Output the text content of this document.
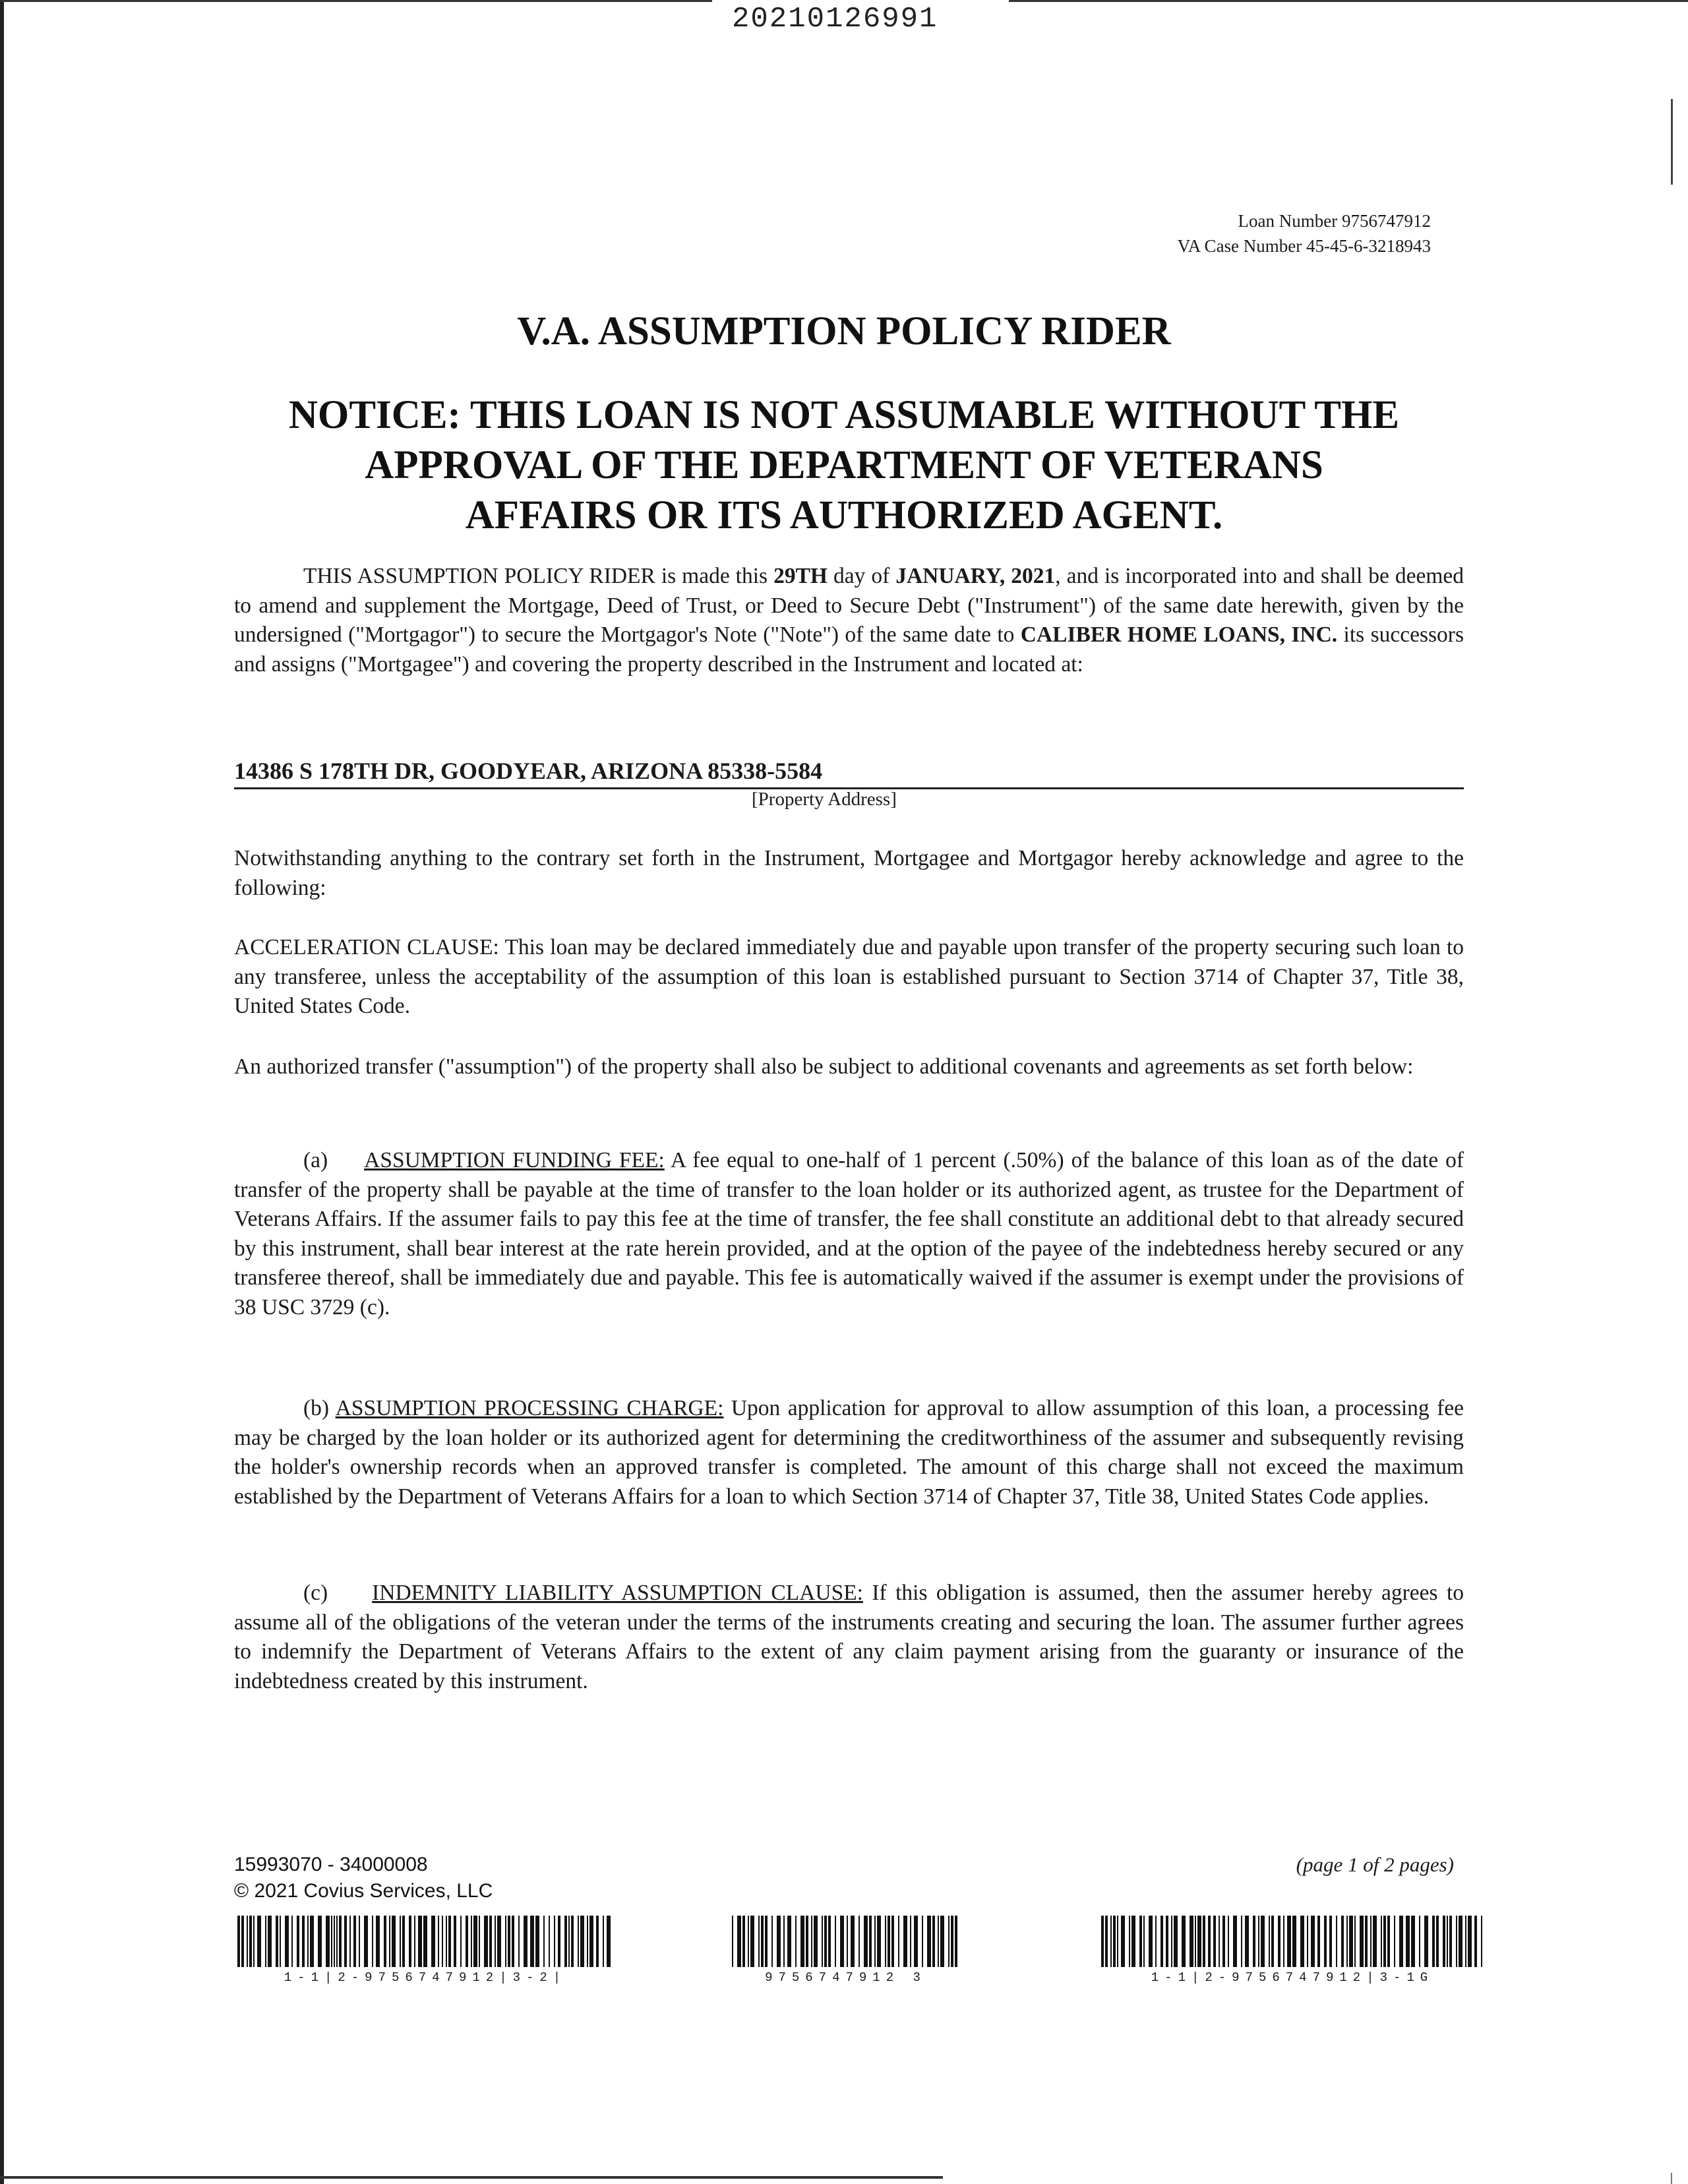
20210126991
Loan Number 9756747912
VA Case Number 45-45-6-3218943
V.A. ASSUMPTION POLICY RIDER
NOTICE: THIS LOAN IS NOT ASSUMABLE WITHOUT THE
APPROVAL OF THE DEPARTMENT OF VETERANS
AFFAIRS OR ITS AUTHORIZED AGENT.
THIS ASSUMPTION POLICY RIDER is made this 29TH day of JANUARY, 2021, and is incorporated into and shall be deemed to amend and supplement the Mortgage, Deed of Trust, or Deed to Secure Debt ("Instrument") of the same date herewith, given by the undersigned ("Mortgagor") to secure the Mortgagor's Note ("Note") of the same date to CALIBER HOME LOANS, INC. its successors and assigns ("Mortgagee") and covering the property described in the Instrument and located at:
14386 S 178TH DR, GOODYEAR, ARIZONA 85338-5584
[Property Address]
Notwithstanding anything to the contrary set forth in the Instrument, Mortgagee and Mortgagor hereby acknowledge and agree to the following:
ACCELERATION CLAUSE: This loan may be declared immediately due and payable upon transfer of the property securing such loan to any transferee, unless the acceptability of the assumption of this loan is established pursuant to Section 3714 of Chapter 37, Title 38, United States Code.
An authorized transfer ("assumption") of the property shall also be subject to additional covenants and agreements as set forth below:
(a) ASSUMPTION FUNDING FEE: A fee equal to one-half of 1 percent (.50%) of the balance of this loan as of the date of transfer of the property shall be payable at the time of transfer to the loan holder or its authorized agent, as trustee for the Department of Veterans Affairs. If the assumer fails to pay this fee at the time of transfer, the fee shall constitute an additional debt to that already secured by this instrument, shall bear interest at the rate herein provided, and at the option of the payee of the indebtedness hereby secured or any transferee thereof, shall be immediately due and payable. This fee is automatically waived if the assumer is exempt under the provisions of 38 USC 3729 (c).
(b) ASSUMPTION PROCESSING CHARGE: Upon application for approval to allow assumption of this loan, a processing fee may be charged by the loan holder or its authorized agent for determining the creditworthiness of the assumer and subsequently revising the holder's ownership records when an approved transfer is completed. The amount of this charge shall not exceed the maximum established by the Department of Veterans Affairs for a loan to which Section 3714 of Chapter 37, Title 38, United States Code applies.
(c) INDEMNITY LIABILITY ASSUMPTION CLAUSE: If this obligation is assumed, then the assumer hereby agrees to assume all of the obligations of the veteran under the terms of the instruments creating and securing the loan. The assumer further agrees to indemnify the Department of Veterans Affairs to the extent of any claim payment arising from the guaranty or insurance of the indebtedness created by this instrument.
15993070 - 34000008
© 2021 Covius Services, LLC
(page 1 of 2 pages)
1-1|2-9756747912|3-2|	9756747912 3	1-1|2-9756747912|3-1G
